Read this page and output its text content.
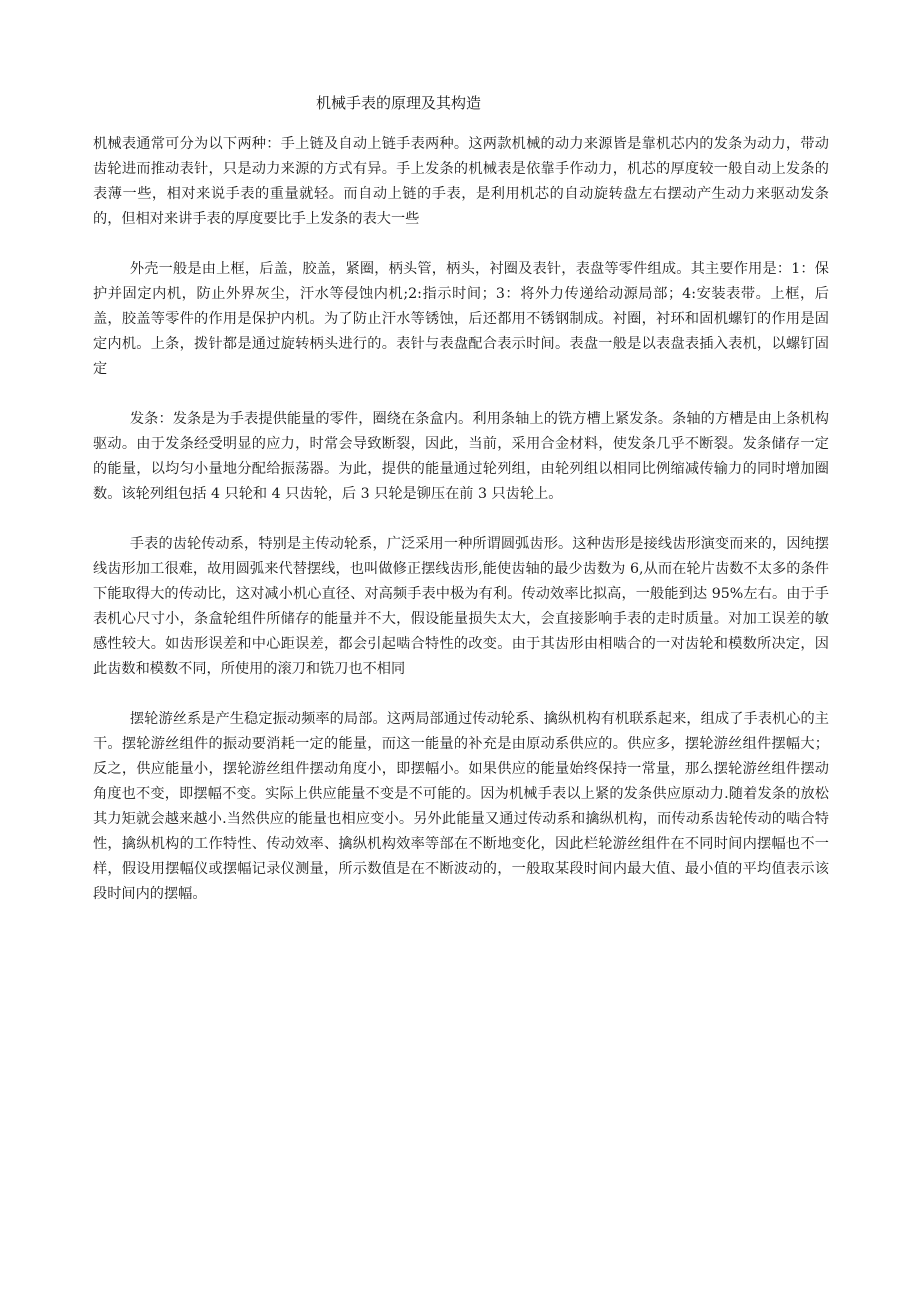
机械手表的原理及其构造

机械表通常可分为以下两种：手上链及自动上链手表两种。这两款机械的动力来源皆是靠机芯内的发条为动力，带动齿轮进而推动表针，只是动力来源的方式有异。手上发条的机械表是依靠手作动力，机芯的厚度较一般自动上发条的表薄一些，相对来说手表的重量就轻。而自动上链的手表，是利用机芯的自动旋转盘左右摆动产生动力来驱动发条的，但相对来讲手表的厚度要比手上发条的表大一些

外壳一般是由上框，后盖，胶盖，紧圈，柄头管，柄头，衬圈及表针，表盘等零件组成。其主要作用是：1：保护并固定内机，防止外界灰尘，汗水等侵蚀内机;2:指示时间；3：将外力传递给动源局部；4:安装表带。上框，后盖，胶盖等零件的作用是保护内机。为了防止汗水等锈蚀，后还都用不锈钢制成。衬圈，衬环和固机螺钉的作用是固定内机。上条，拨针都是通过旋转柄头进行的。表针与表盘配合表示时间。表盘一般是以表盘表插入表机，以螺钉固定

发条：发条是为手表提供能量的零件，圈绕在条盒内。利用条轴上的铣方槽上紧发条。条轴的方槽是由上条机构驱动。由于发条经受明显的应力，时常会导致断裂，因此，当前，采用合金材料，使发条几乎不断裂。发条储存一定的能量，以均匀小量地分配给振荡器。为此，提供的能量通过轮列组，由轮列组以相同比例缩减传输力的同时增加圈数。该轮列组包括 4 只轮和 4 只齿轮，后 3 只轮是铆压在前 3 只齿轮上。

手表的齿轮传动系，特别是主传动轮系，广泛采用一种所谓圆弧齿形。这种齿形是接线齿形演变而来的，因纯摆线齿形加工很难，故用圆弧来代替摆线，也叫做修正摆线齿形,能使齿轴的最少齿数为 6,从而在轮片齿数不太多的条件下能取得大的传动比，这对减小机心直径、对高频手表中极为有利。传动效率比拟高，一般能到达 95%左右。由于手表机心尺寸小，条盒轮组件所储存的能量并不大，假设能量损失太大，会直接影响手表的走时质量。对加工误差的敏感性较大。如齿形误差和中心距误差，都会引起啮合特性的改变。由于其齿形由相啮合的一对齿轮和模数所决定，因此齿数和模数不同，所使用的滚刀和铣刀也不相同

摆轮游丝系是产生稳定振动频率的局部。这两局部通过传动轮系、擒纵机构有机联系起来，组成了手表机心的主干。摆轮游丝组件的振动要消耗一定的能量，而这一能量的补充是由原动系供应的。供应多，摆轮游丝组件摆幅大；反之，供应能量小，摆轮游丝组件摆动角度小，即摆幅小。如果供应的能量始终保持一常量，那么摆轮游丝组件摆动角度也不变，即摆幅不变。实际上供应能量不变是不可能的。因为机械手表以上紧的发条供应原动力.随着发条的放松其力矩就会越来越小.当然供应的能量也相应变小。另外此能量又通过传动系和擒纵机构，而传动系齿轮传动的啮合特性，擒纵机构的工作特性、传动效率、擒纵机构效率等部在不断地变化，因此栏轮游丝组件在不同时间内摆幅也不一样，假设用摆幅仪或摆幅记录仪测量，所示数值是在不断波动的，一般取某段时间内最大值、最小值的平均值表示该段时间内的摆幅。
